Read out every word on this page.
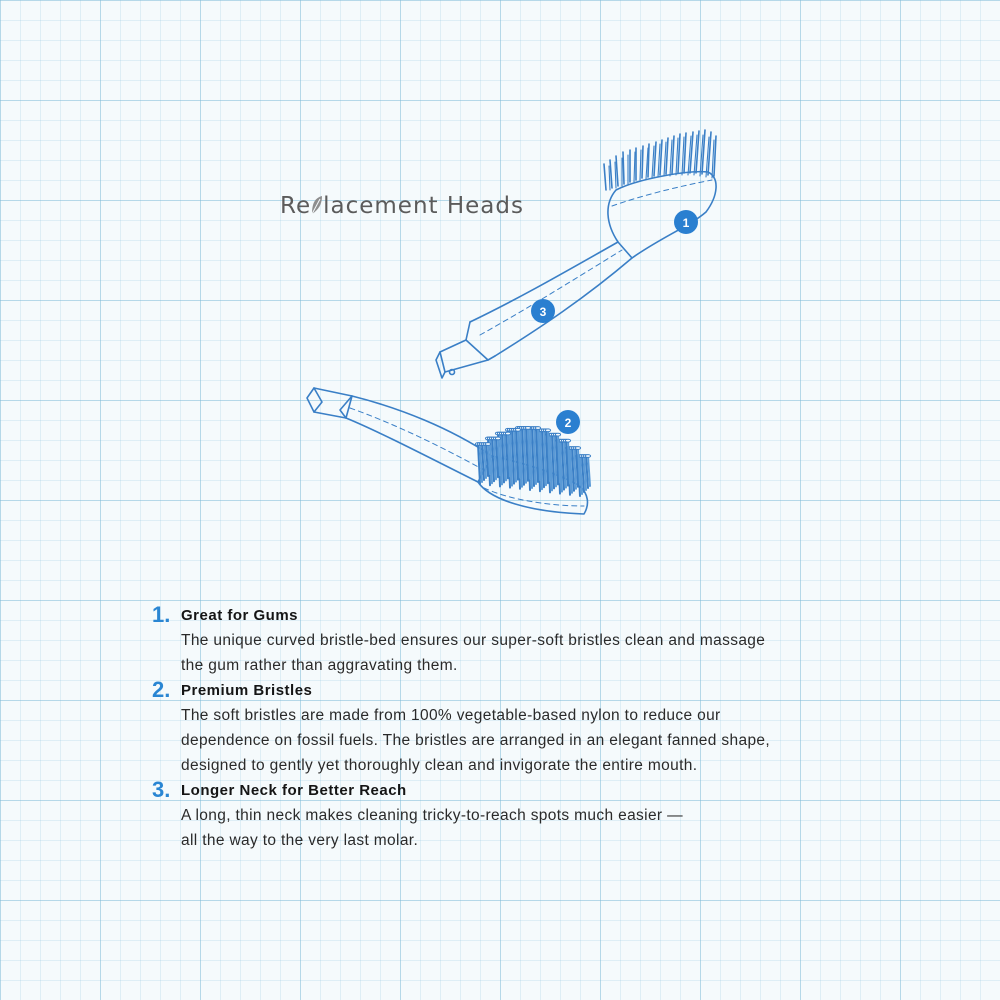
Re lacement Heads
1
2
3
1. Great for Gums
The unique curved bristle-bed ensures our super-soft bristles clean and massage
the gum rather than aggravating them.
2. Premium Bristles
The soft bristles are made from 100% vegetable-based nylon to reduce our
dependence on fossil fuels. The bristles are arranged in an elegant fanned shape,
designed to gently yet thoroughly clean and invigorate the entire mouth.
3. Longer Neck for Better Reach
A long, thin neck makes cleaning tricky-to-reach spots much easier —
all the way to the very last molar.
